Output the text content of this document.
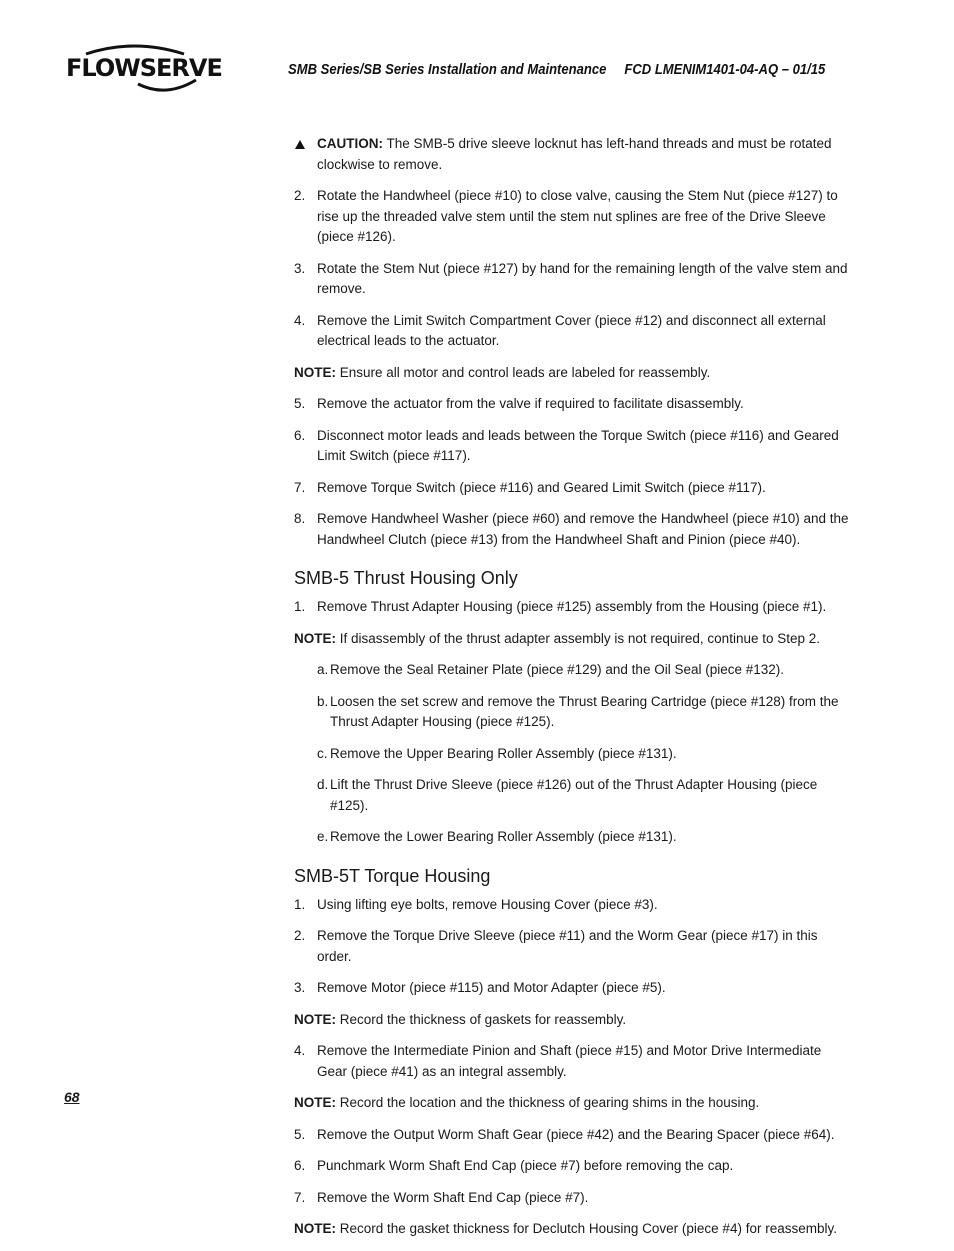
FLOWSERVE	SMB Series/SB Series Installation and Maintenance FCD LMENIM1401-04-AQ – 01/15
68

CAUTION: The SMB-5 drive sleeve locknut has left-hand threads and must be rotated clockwise to remove.

2. Rotate the Handwheel (piece #10) to close valve, causing the Stem Nut (piece #127) to rise up the threaded valve stem until the stem nut splines are free of the Drive Sleeve (piece #126).

3. Rotate the Stem Nut (piece #127) by hand for the remaining length of the valve stem and remove.

4. Remove the Limit Switch Compartment Cover (piece #12) and disconnect all external electrical leads to the actuator.

NOTE: Ensure all motor and control leads are labeled for reassembly.

5. Remove the actuator from the valve if required to facilitate disassembly.

6. Disconnect motor leads and leads between the Torque Switch (piece #116) and Geared Limit Switch (piece #117).

7. Remove Torque Switch (piece #116) and Geared Limit Switch (piece #117).

8. Remove Handwheel Washer (piece #60) and remove the Handwheel (piece #10) and the Handwheel Clutch (piece #13) from the Handwheel Shaft and Pinion (piece #40).

SMB-5 Thrust Housing Only

1. Remove Thrust Adapter Housing (piece #125) assembly from the Housing (piece #1).

NOTE: If disassembly of the thrust adapter assembly is not required, continue to Step 2.

a. Remove the Seal Retainer Plate (piece #129) and the Oil Seal (piece #132).

b. Loosen the set screw and remove the Thrust Bearing Cartridge (piece #128) from the Thrust Adapter Housing (piece #125).

c. Remove the Upper Bearing Roller Assembly (piece #131).

d. Lift the Thrust Drive Sleeve (piece #126) out of the Thrust Adapter Housing (piece #125).

e. Remove the Lower Bearing Roller Assembly (piece #131).

SMB-5T Torque Housing

1. Using lifting eye bolts, remove Housing Cover (piece #3).

2. Remove the Torque Drive Sleeve (piece #11) and the Worm Gear (piece #17) in this order.

3. Remove Motor (piece #115) and Motor Adapter (piece #5).

NOTE: Record the thickness of gaskets for reassembly.

4. Remove the Intermediate Pinion and Shaft (piece #15) and Motor Drive Intermediate Gear (piece #41) as an integral assembly.

NOTE: Record the location and the thickness of gearing shims in the housing.

5. Remove the Output Worm Shaft Gear (piece #42) and the Bearing Spacer (piece #64).

6. Punchmark Worm Shaft End Cap (piece #7) before removing the cap.

7. Remove the Worm Shaft End Cap (piece #7).

NOTE: Record the gasket thickness for Declutch Housing Cover (piece #4) for reassembly.
